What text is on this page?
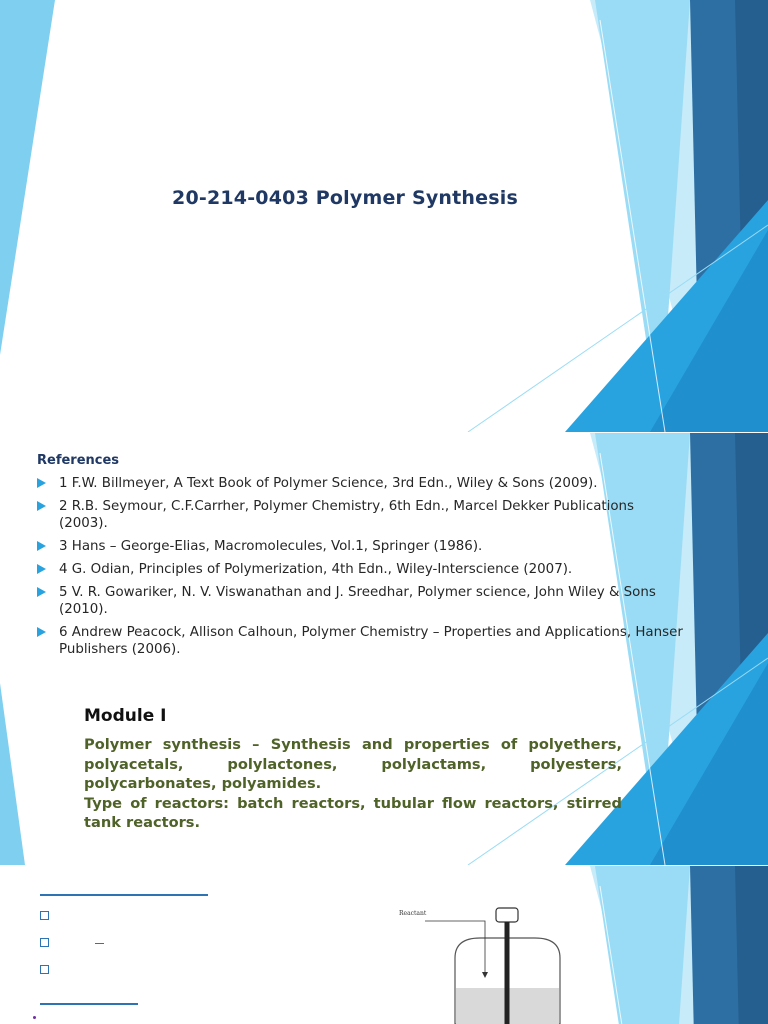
20-214-0403 Polymer Synthesis
References
1 F.W. Billmeyer, A Text Book of Polymer Science, 3rd Edn., Wiley & Sons (2009).
2 R.B. Seymour, C.F.Carrher, Polymer Chemistry, 6th Edn., Marcel Dekker Publications (2003).
3 Hans – George-Elias, Macromolecules, Vol.1, Springer (1986).
4 G. Odian, Principles of Polymerization, 4th Edn., Wiley-Interscience (2007).
5 V. R. Gowariker, N. V. Viswanathan and J. Sreedhar, Polymer science, John Wiley & Sons (2010).
6 Andrew Peacock, Allison Calhoun, Polymer Chemistry – Properties and Applications, Hanser Publishers (2006).
Module I

Polymer synthesis – Synthesis and properties of polyethers, polyacetals, polylactones, polylactams, polyesters, polycarbonates, polyamides.

Type of reactors: batch reactors, tubular flow reactors, stirred tank reactors.

Reactant
